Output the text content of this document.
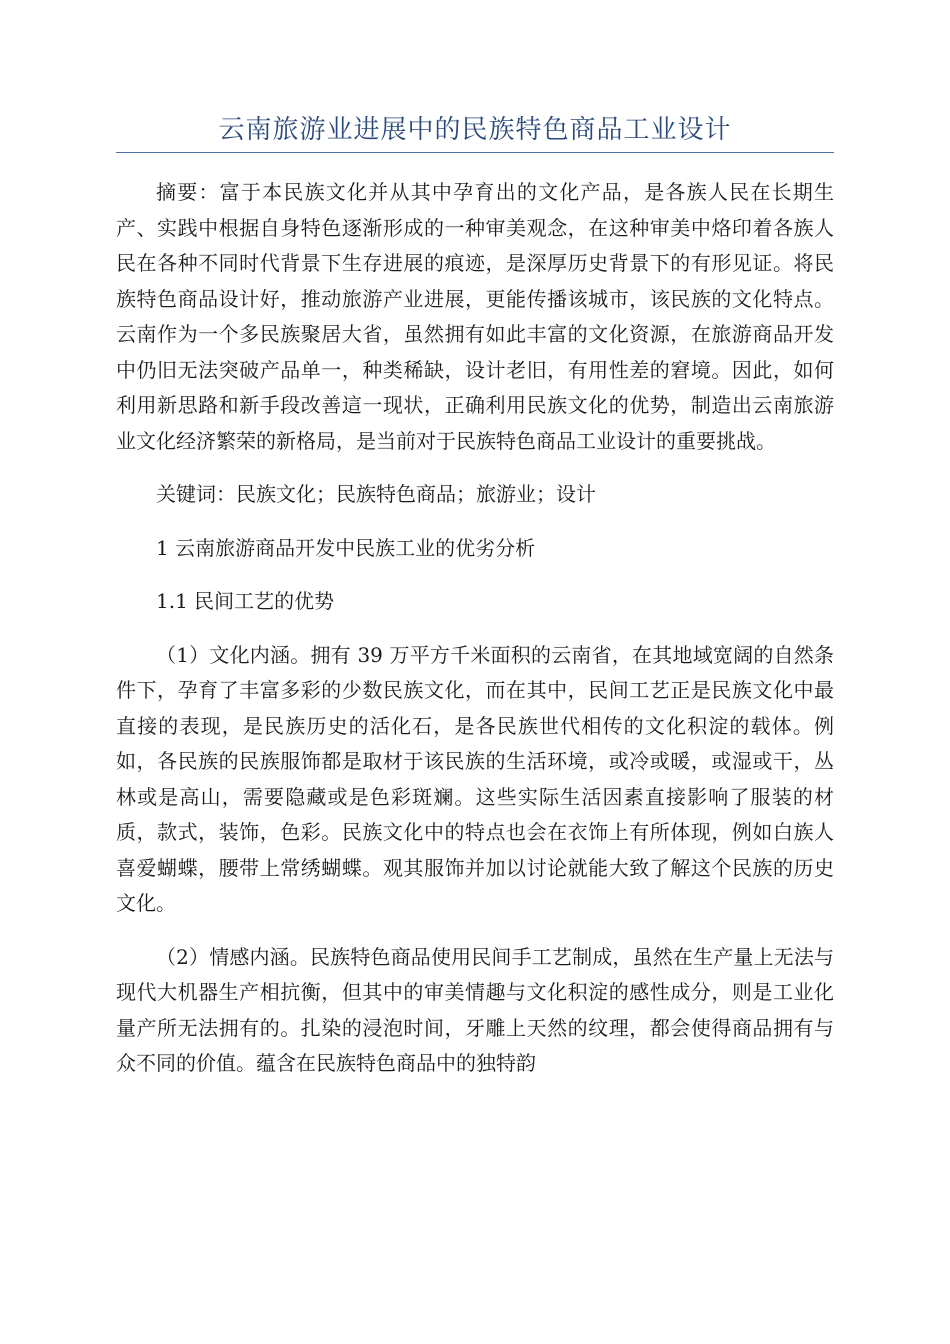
云南旅游业进展中的民族特色商品工业设计

摘要：富于本民族文化并从其中孕育出的文化产品，是各族人民在长期生产、实践中根据自身特色逐渐形成的一种审美观念，在这种审美中烙印着各族人民在各种不同时代背景下生存进展的痕迹，是深厚历史背景下的有形见证。将民族特色商品设计好，推动旅游产业进展，更能传播该城市，该民族的文化特点。云南作为一个多民族聚居大省，虽然拥有如此丰富的文化资源，在旅游商品开发中仍旧无法突破产品单一，种类稀缺，设计老旧，有用性差的窘境。因此，如何利用新思路和新手段改善這一现状，正确利用民族文化的优势，制造出云南旅游业文化经济繁荣的新格局，是当前对于民族特色商品工业设计的重要挑战。

关键词：民族文化；民族特色商品；旅游业；设计

1 云南旅游商品开发中民族工业的优劣分析

1.1 民间工艺的优势

（1）文化内涵。拥有 39 万平方千米面积的云南省，在其地域宽阔的自然条件下，孕育了丰富多彩的少数民族文化，而在其中，民间工艺正是民族文化中最直接的表现，是民族历史的活化石，是各民族世代相传的文化积淀的载体。例如，各民族的民族服饰都是取材于该民族的生活环境，或冷或暖，或湿或干，丛林或是高山，需要隐藏或是色彩斑斓。这些实际生活因素直接影响了服装的材质，款式，装饰，色彩。民族文化中的特点也会在衣饰上有所体现，例如白族人喜爱蝴蝶，腰带上常绣蝴蝶。观其服饰并加以讨论就能大致了解这个民族的历史文化。

（2）情感内涵。民族特色商品使用民间手工艺制成，虽然在生产量上无法与现代大机器生产相抗衡，但其中的审美情趣与文化积淀的感性成分，则是工业化量产所无法拥有的。扎染的浸泡时间，牙雕上天然的纹理，都会使得商品拥有与众不同的价值。蕴含在民族特色商品中的独特韵
